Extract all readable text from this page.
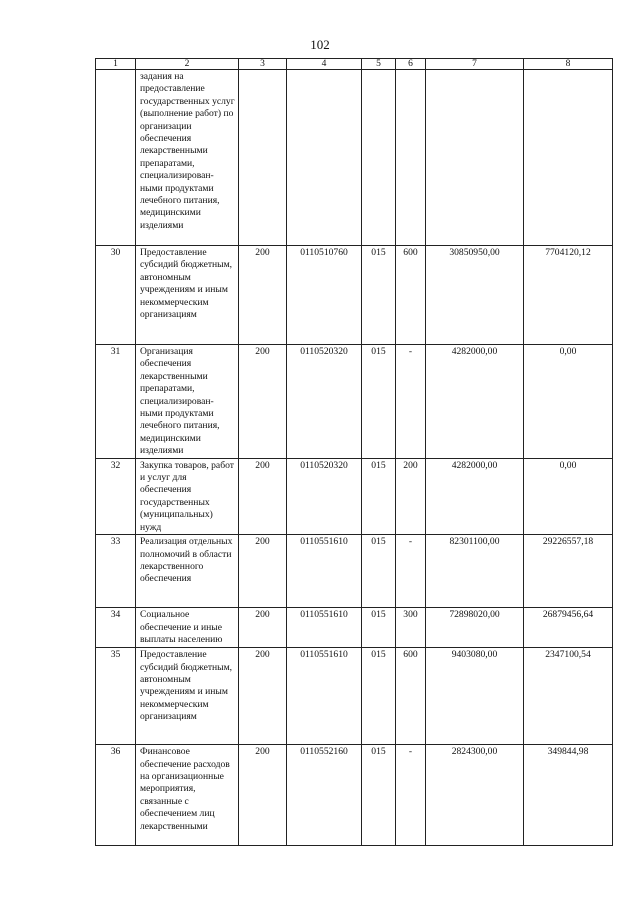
102
1	2	3	4	5	6	7	8
	задания на предоставление государственных услуг (выполнение работ) по организации обеспечения лекарственными препаратами, специализирован-ными продуктами лечебного питания, медицинскими изделиями						
30	Предоставление субсидий бюджетным, автономным учреждениям и иным некоммерческим организациям	200	0110510760	015	600	30850950,00	7704120,12
31	Организация обеспечения лекарственными препаратами, специализирован-ными продуктами лечебного питания, медицинскими изделиями	200	0110520320	015	-	4282000,00	0,00
32	Закупка товаров, работ и услуг для обеспечения государственных (муниципальных) нужд	200	0110520320	015	200	4282000,00	0,00
33	Реализация отдельных полномочий в области лекарственного обеспечения	200	0110551610	015	-	82301100,00	29226557,18
34	Социальное обеспечение и иные выплаты населению	200	0110551610	015	300	72898020,00	26879456,64
35	Предоставление субсидий бюджетным, автономным учреждениям и иным некоммерческим организациям	200	0110551610	015	600	9403080,00	2347100,54
36	Финансовое обеспечение расходов на организационные мероприятия, связанные с обеспечением лиц лекарственными	200	0110552160	015	-	2824300,00	349844,98
